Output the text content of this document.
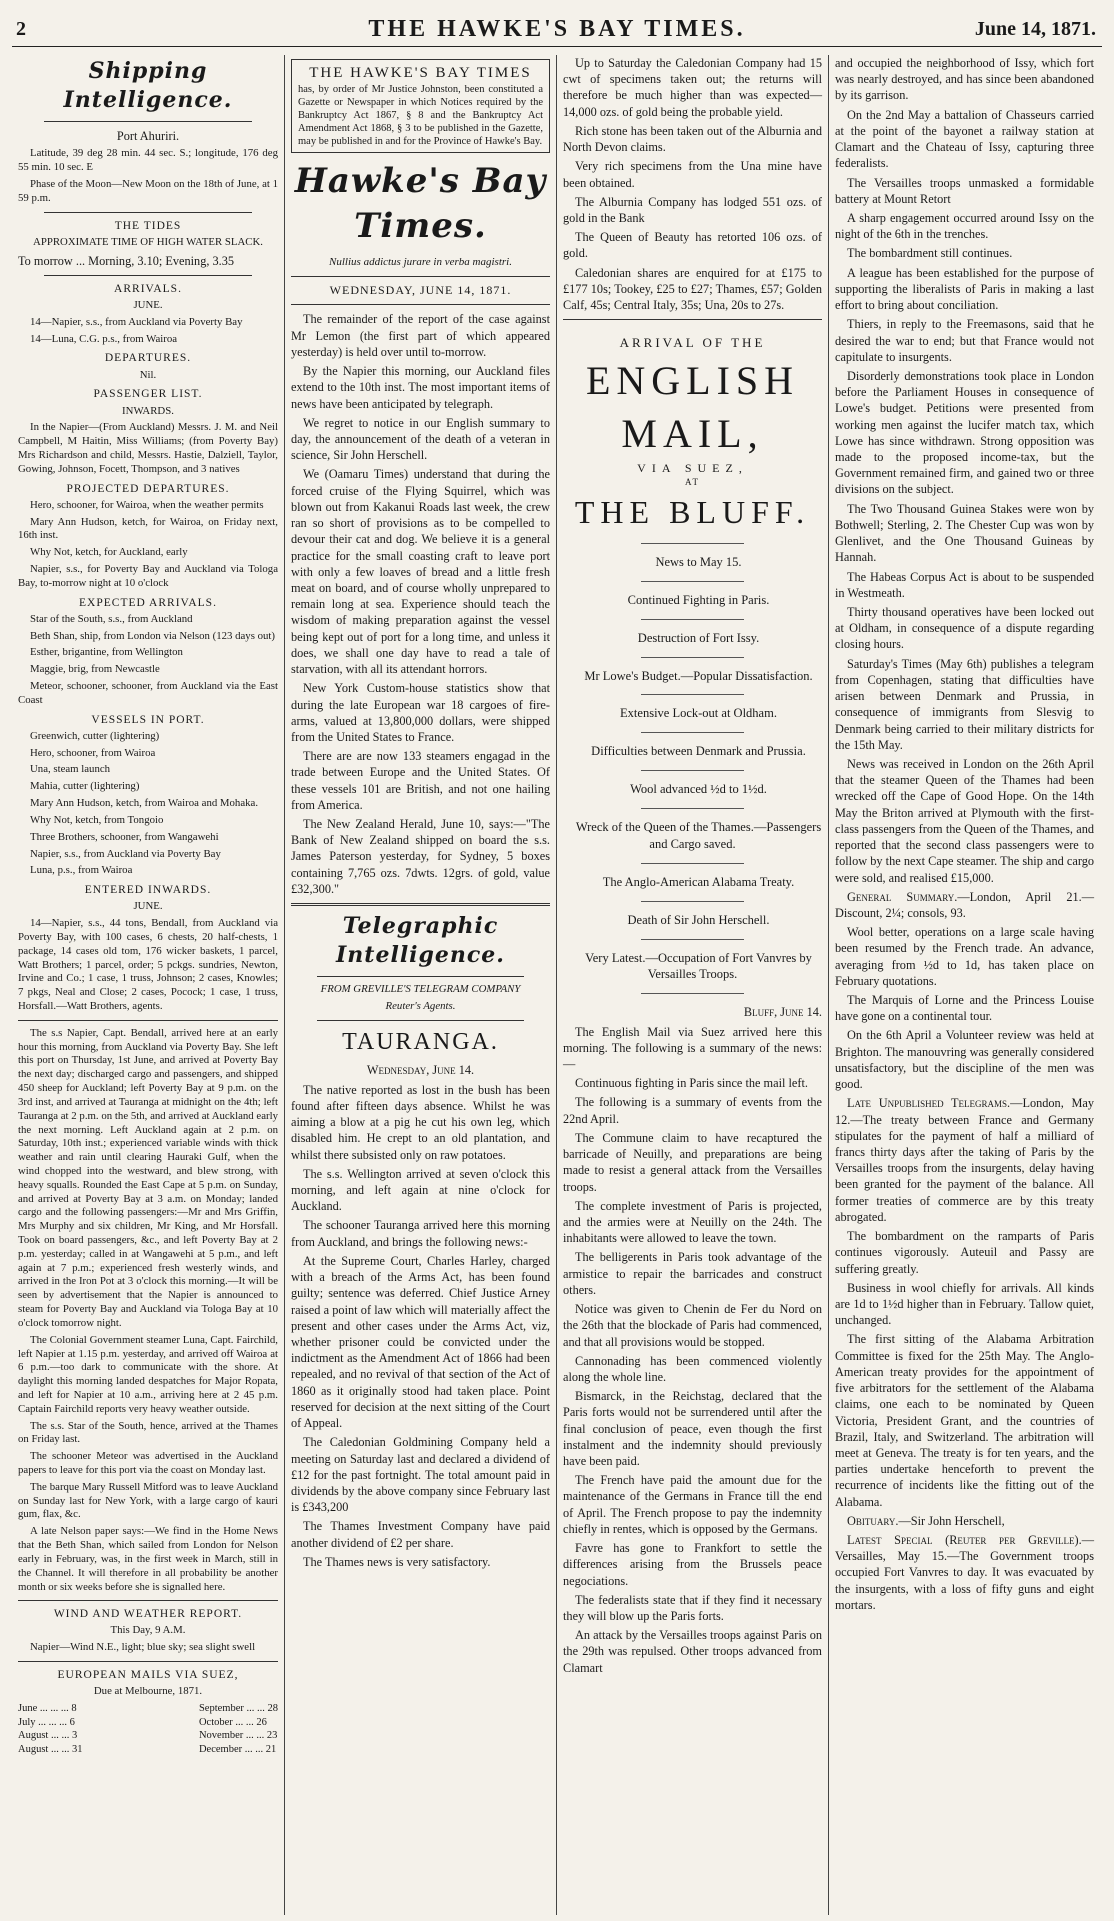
2	THE HAWKE'S BAY TIMES.	June 14, 1871.
Shipping Intelligence.

Port Ahuriri.

Latitude, 39 deg 28 min. 44 sec. S.; longitude, 176 deg 55 min. 10 sec. E

Phase of the Moon—New Moon on the 18th of June, at 1 59 p.m.

THE TIDES

APPROXIMATE TIME OF HIGH WATER SLACK.

To morrow ... Morning, 3.10; Evening, 3.35

ARRIVALS.

JUNE.

14—Napier, s.s., from Auckland via Poverty Bay

14—Luna, C.G. p.s., from Wairoa

DEPARTURES.

Nil.

PASSENGER LIST.

INWARDS.

In the Napier—(From Auckland) Messrs. J. M. and Neil Campbell, M Haitin, Miss Williams; (from Poverty Bay) Mrs Richardson and child, Messrs. Hastie, Dalziell, Taylor, Gowing, Johnson, Focett, Thompson, and 3 natives

PROJECTED DEPARTURES.

Hero, schooner, for Wairoa, when the weather permits

Mary Ann Hudson, ketch, for Wairoa, on Friday next, 16th inst.

Why Not, ketch, for Auckland, early

Napier, s.s., for Poverty Bay and Auckland via Tologa Bay, to-morrow night at 10 o'clock

EXPECTED ARRIVALS.

Star of the South, s.s., from Auckland

Beth Shan, ship, from London via Nelson (123 days out)

Esther, brigantine, from Wellington

Maggie, brig, from Newcastle

Meteor, schooner, schooner, from Auckland via the East Coast

VESSELS IN PORT.

Greenwich, cutter (lightering)

Hero, schooner, from Wairoa

Una, steam launch

Mahia, cutter (lightering)

Mary Ann Hudson, ketch, from Wairoa and Mohaka.

Why Not, ketch, from Tongoio

Three Brothers, schooner, from Wangawehi

Napier, s.s., from Auckland via Poverty Bay

Luna, p.s., from Wairoa

ENTERED INWARDS.

JUNE.

14—Napier, s.s., 44 tons, Bendall, from Auckland via Poverty Bay, with 100 cases, 6 chests, 20 half-chests, 1 package, 14 cases old tom, 176 wicker baskets, 1 parcel, Watt Brothers; 1 parcel, order; 5 pckgs. sundries, Newton, Irvine and Co.; 1 case, 1 truss, Johnson; 2 cases, Knowles; 7 pkgs, Neal and Close; 2 cases, Pocock; 1 case, 1 truss, Horsfall.—Watt Brothers, agents.

The s.s Napier, Capt. Bendall, arrived here at an early hour this morning, from Auckland via Poverty Bay. She left this port on Thursday, 1st June, and arrived at Poverty Bay the next day; discharged cargo and passengers, and shipped 450 sheep for Auckland; left Poverty Bay at 9 p.m. on the 3rd inst, and arrived at Tauranga at midnight on the 4th; left Tauranga at 2 p.m. on the 5th, and arrived at Auckland early the next morning. Left Auckland again at 2 p.m. on Saturday, 10th inst.; experienced variable winds with thick weather and rain until clearing Hauraki Gulf, when the wind chopped into the westward, and blew strong, with heavy squalls. Rounded the East Cape at 5 p.m. on Sunday, and arrived at Poverty Bay at 3 a.m. on Monday; landed cargo and the following passengers:—Mr and Mrs Griffin, Mrs Murphy and six children, Mr King, and Mr Horsfall. Took on board passengers, &c., and left Poverty Bay at 2 p.m. yesterday; called in at Wangawehi at 5 p.m., and left again at 7 p.m.; experienced fresh westerly winds, and arrived in the Iron Pot at 3 o'clock this morning.—It will be seen by advertisement that the Napier is announced to steam for Poverty Bay and Auckland via Tologa Bay at 10 o'clock tomorrow night.

The Colonial Government steamer Luna, Capt. Fairchild, left Napier at 1.15 p.m. yesterday, and arrived off Wairoa at 6 p.m.—too dark to communicate with the shore. At daylight this morning landed despatches for Major Ropata, and left for Napier at 10 a.m., arriving here at 2 45 p.m. Captain Fairchild reports very heavy weather outside.

The s.s. Star of the South, hence, arrived at the Thames on Friday last.

The schooner Meteor was advertised in the Auckland papers to leave for this port via the coast on Monday last.

The barque Mary Russell Mitford was to leave Auckland on Sunday last for New York, with a large cargo of kauri gum, flax, &c.

A late Nelson paper says:—We find in the Home News that the Beth Shan, which sailed from London for Nelson early in February, was, in the first week in March, still in the Channel. It will therefore in all probability be another month or six weeks before she is signalled here.

WIND AND WEATHER REPORT.

This Day, 9 A.M.

Napier—Wind N.E., light; blue sky; sea slight swell

EUROPEAN MAILS VIA SUEZ,

Due at Melbourne, 1871.

June ... ... ... 8
July ... ... ... 6
August ... ... 3
August ... ... 31
September ... ... 28
October ... ... 26
November ... ... 23
December ... ... 21
THE HAWKE'S BAY TIMES
has, by order of Mr Justice Johnston, been constituted a Gazette or Newspaper in which Notices required by the Bankruptcy Act 1867, § 8 and the Bankruptcy Act Amendment Act 1868, § 3 to be published in the Gazette, may be published in and for the Province of Hawke's Bay.
Hawke's Bay Times.
Nullius addictus jurare in verba magistri.
WEDNESDAY, JUNE 14, 1871.

The remainder of the report of the case against Mr Lemon (the first part of which appeared yesterday) is held over until to-morrow.

By the Napier this morning, our Auckland files extend to the 10th inst. The most important items of news have been anticipated by telegraph.

We regret to notice in our English summary to day, the announcement of the death of a veteran in science, Sir John Herschell.

We (Oamaru Times) understand that during the forced cruise of the Flying Squirrel, which was blown out from Kakanui Roads last week, the crew ran so short of provisions as to be compelled to devour their cat and dog. We believe it is a general practice for the small coasting craft to leave port with only a few loaves of bread and a little fresh meat on board, and of course wholly unprepared to remain long at sea. Experience should teach the wisdom of making preparation against the vessel being kept out of port for a long time, and unless it does, we shall one day have to read a tale of starvation, with all its attendant horrors.

New York Custom-house statistics show that during the late European war 18 cargoes of fire-arms, valued at 13,800,000 dollars, were shipped from the United States to France.

There are are now 133 steamers engagad in the trade between Europe and the United States. Of these vessels 101 are British, and not one hailing from America.

The New Zealand Herald, June 10, says:—"The Bank of New Zealand shipped on board the s.s. James Paterson yesterday, for Sydney, 5 boxes containing 7,765 ozs. 7dwts. 12grs. of gold, value £32,300."

Telegraphic Intelligence.

FROM GREVILLE'S TELEGRAM COMPANY

Reuter's Agents.

TAURANGA.

Wednesday, June 14.

The native reported as lost in the bush has been found after fifteen days absence. Whilst he was aiming a blow at a pig he cut his own leg, which disabled him. He crept to an old plantation, and whilst there subsisted only on raw potatoes.

The s.s. Wellington arrived at seven o'clock this morning, and left again at nine o'clock for Auckland.

The schooner Tauranga arrived here this morning from Auckland, and brings the following news:-

At the Supreme Court, Charles Harley, charged with a breach of the Arms Act, has been found guilty; sentence was deferred. Chief Justice Arney raised a point of law which will materially affect the present and other cases under the Arms Act, viz, whether prisoner could be convicted under the indictment as the Amendment Act of 1866 had been repealed, and no revival of that section of the Act of 1860 as it originally stood had taken place. Point reserved for decision at the next sitting of the Court of Appeal.

The Caledonian Goldmining Company held a meeting on Saturday last and declared a dividend of £12 for the past fortnight. The total amount paid in dividends by the above company since February last is £343,200

The Thames Investment Company have paid another dividend of £2 per share.

The Thames news is very satisfactory.

Up to Saturday the Caledonian Company had 15 cwt of specimens taken out; the returns will therefore be much higher than was expected—14,000 ozs. of gold being the probable yield.

Rich stone has been taken out of the Alburnia and North Devon claims.

Very rich specimens from the Una mine have been obtained.

The Alburnia Company has lodged 551 ozs. of gold in the Bank

The Queen of Beauty has retorted 106 ozs. of gold.

Caledonian shares are enquired for at £175 to £177 10s; Tookey, £25 to £27; Thames, £57; Golden Calf, 45s; Central Italy, 35s; Una, 20s to 27s.

ARRIVAL OF THE
ENGLISH MAIL,
VIA SUEZ,
AT
THE BLUFF.

News to May 15.

Continued Fighting in Paris.

Destruction of Fort Issy.

Mr Lowe's Budget.—Popular Dissatisfaction.

Extensive Lock-out at Oldham.

Difficulties between Denmark and Prussia.

Wool advanced ½d to 1½d.

Wreck of the Queen of the Thames.—Passengers and Cargo saved.

The Anglo-American Alabama Treaty.

Death of Sir John Herschell.

Very Latest.—Occupation of Fort Vanvres by Versailles Troops.

Bluff, June 14.

The English Mail via Suez arrived here this morning. The following is a summary of the news:—

Continuous fighting in Paris since the mail left.

The following is a summary of events from the 22nd April.

The Commune claim to have recaptured the barricade of Neuilly, and preparations are being made to resist a general attack from the Versailles troops.

The complete investment of Paris is projected, and the armies were at Neuilly on the 24th. The inhabitants were allowed to leave the town.

The belligerents in Paris took advantage of the armistice to repair the barricades and construct others.

Notice was given to Chenin de Fer du Nord on the 26th that the blockade of Paris had commenced, and that all provisions would be stopped.

Cannonading has been commenced violently along the whole line.

Bismarck, in the Reichstag, declared that the Paris forts would not be surrendered until after the final conclusion of peace, even though the first instalment and the indemnity should previously have been paid.

The French have paid the amount due for the maintenance of the Germans in France till the end of April. The French propose to pay the indemnity chiefly in rentes, which is opposed by the Germans.

Favre has gone to Frankfort to settle the differences arising from the Brussels peace negociations.

The federalists state that if they find it necessary they will blow up the Paris forts.

An attack by the Versailles troops against Paris on the 29th was repulsed. Other troops advanced from Clamart

and occupied the neighborhood of Issy, which fort was nearly destroyed, and has since been abandoned by its garrison.

On the 2nd May a battalion of Chasseurs carried at the point of the bayonet a railway station at Clamart and the Chateau of Issy, capturing three federalists.

The Versailles troops unmasked a formidable battery at Mount Retort

A sharp engagement occurred around Issy on the night of the 6th in the trenches.

The bombardment still continues.

A league has been established for the purpose of supporting the liberalists of Paris in making a last effort to bring about conciliation.

Thiers, in reply to the Freemasons, said that he desired the war to end; but that France would not capitulate to insurgents.

Disorderly demonstrations took place in London before the Parliament Houses in consequence of Lowe's budget. Petitions were presented from working men against the lucifer match tax, which Lowe has since withdrawn. Strong opposition was made to the proposed income-tax, but the Government remained firm, and gained two or three divisions on the subject.

The Two Thousand Guinea Stakes were won by Bothwell; Sterling, 2. The Chester Cup was won by Glenlivet, and the One Thousand Guineas by Hannah.

The Habeas Corpus Act is about to be suspended in Westmeath.

Thirty thousand operatives have been locked out at Oldham, in consequence of a dispute regarding closing hours.

Saturday's Times (May 6th) publishes a telegram from Copenhagen, stating that difficulties have arisen between Denmark and Prussia, in consequence of immigrants from Slesvig to Denmark being carried to their military districts for the 15th May.

News was received in London on the 26th April that the steamer Queen of the Thames had been wrecked off the Cape of Good Hope. On the 14th May the Briton arrived at Plymouth with the first-class passengers from the Queen of the Thames, and reported that the second class passengers were to follow by the next Cape steamer. The ship and cargo were sold, and realised £15,000.

General Summary.—London, April 21.—Discount, 2¼; consols, 93.

Wool better, operations on a large scale having been resumed by the French trade. An advance, averaging from ½d to 1d, has taken place on February quotations.

The Marquis of Lorne and the Princess Louise have gone on a continental tour.

On the 6th April a Volunteer review was held at Brighton. The manouvring was generally considered unsatisfactory, but the discipline of the men was good.

Late Unpublished Telegrams.—London, May 12.—The treaty between France and Germany stipulates for the payment of half a milliard of francs thirty days after the taking of Paris by the Versailles troops from the insurgents, delay having been granted for the payment of the balance. All former treaties of commerce are by this treaty abrogated.

The bombardment on the ramparts of Paris continues vigorously. Auteuil and Passy are suffering greatly.

Business in wool chiefly for arrivals. All kinds are 1d to 1½d higher than in February. Tallow quiet, unchanged.

The first sitting of the Alabama Arbitration Committee is fixed for the 25th May. The Anglo-American treaty provides for the appointment of five arbitrators for the settlement of the Alabama claims, one each to be nominated by Queen Victoria, President Grant, and the countries of Brazil, Italy, and Switzerland. The arbitration will meet at Geneva. The treaty is for ten years, and the parties undertake henceforth to prevent the recurrence of incidents like the fitting out of the Alabama.

Obituary.—Sir John Herschell,

Latest Special (Reuter per Greville).—Versailles, May 15.—The Government troops occupied Fort Vanvres to day. It was evacuated by the insurgents, with a loss of fifty guns and eight mortars.
